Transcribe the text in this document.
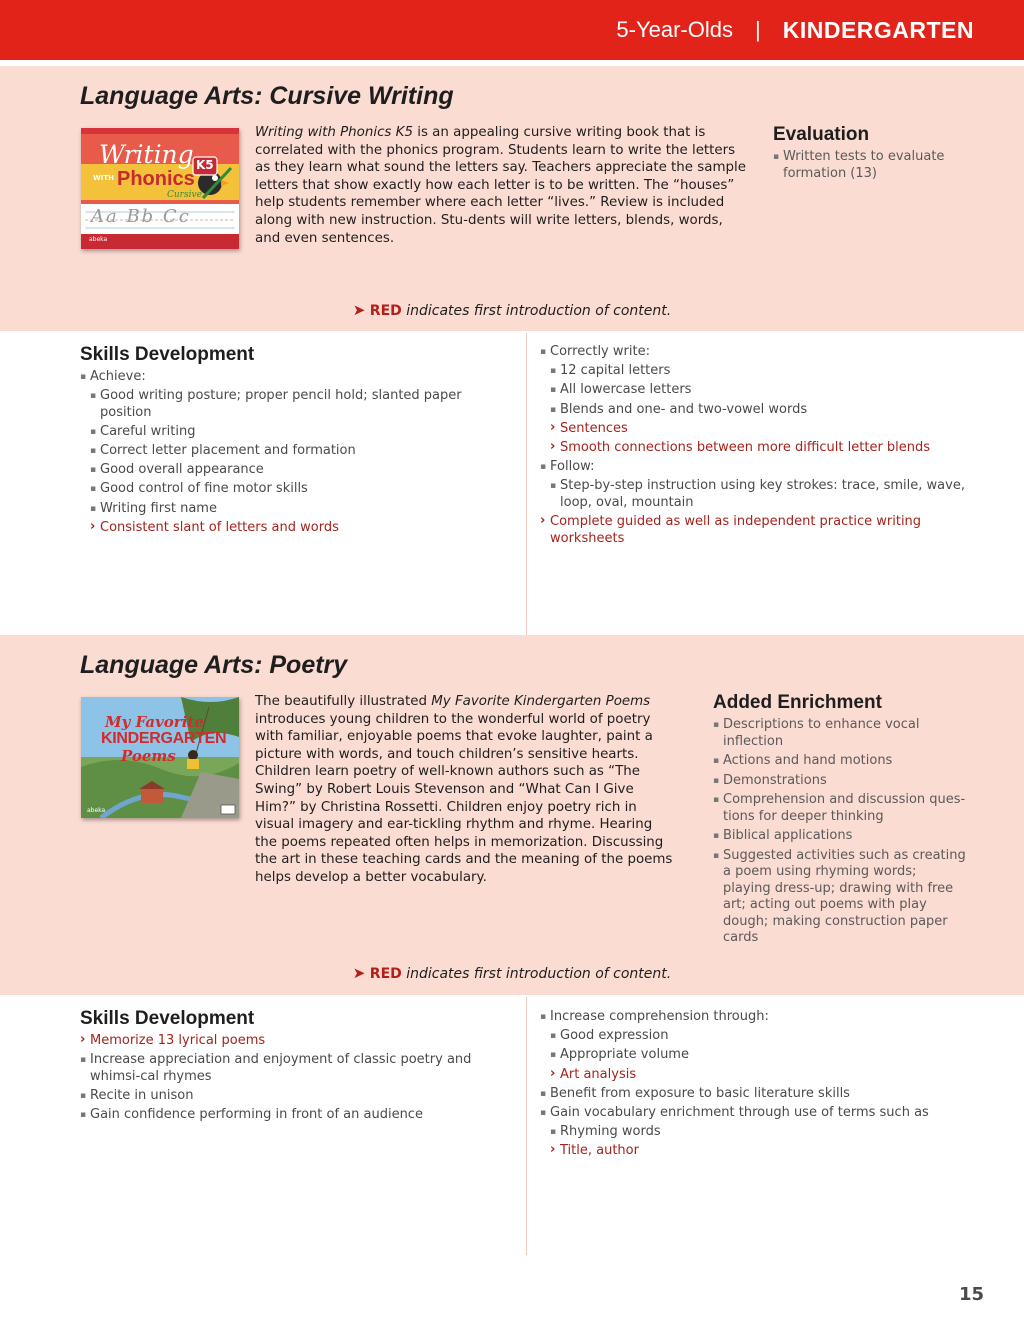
5-Year-Olds | KINDERGARTEN
Language Arts: Cursive Writing
Writing
WITH Phonics
Cursive
K5
Aa Bb Cc
abeka
Writing with Phonics K5 is an appealing cursive writing book that is correlated with the phonics program. Students learn to write the letters as they learn what sound the letters say. Teachers appreciate the sample letters that show exactly how each letter is to be written. The “houses” help students remember where each letter “lives.” Review is included along with new instruction. Stu-dents will write letters, blends, words, and even sentences.
Evaluation
▪ Written tests to evaluate formation (13)
➤ RED indicates first introduction of content.
Skills Development
▪ Achieve:
▪ Good writing posture; proper pencil hold; slanted paper position
▪ Careful writing
▪ Correct letter placement and formation
▪ Good overall appearance
▪ Good control of fine motor skills
▪ Writing first name
› Consistent slant of letters and words
▪ Correctly write:
▪ 12 capital letters
▪ All lowercase letters
▪ Blends and one- and two-vowel words
› Sentences
› Smooth connections between more difficult letter blends
▪ Follow:
▪ Step-by-step instruction using key strokes: trace, smile, wave, loop, oval, mountain
› Complete guided as well as independent practice writing worksheets
Language Arts: Poetry
My Favorite
KINDERGARTEN
Poems
abeka
The beautifully illustrated My Favorite Kindergarten Poems introduces young children to the wonderful world of poetry with familiar, enjoyable poems that evoke laughter, paint a picture with words, and touch children’s sensitive hearts. Children learn poetry of well-known authors such as “The Swing” by Robert Louis Stevenson and “What Can I Give Him?” by Christina Rossetti. Children enjoy poetry rich in visual imagery and ear-tickling rhythm and rhyme. Hearing the poems repeated often helps in memorization. Discussing the art in these teaching cards and the meaning of the poems helps develop a better vocabulary.
Added Enrichment
▪ Descriptions to enhance vocal inflection
▪ Actions and hand motions
▪ Demonstrations
▪ Comprehension and discussion ques-tions for deeper thinking
▪ Biblical applications
▪ Suggested activities such as creating a poem using rhyming words; playing dress-up; drawing with free art; acting out poems with play dough; making construction paper cards
➤ RED indicates first introduction of content.
Skills Development
› Memorize 13 lyrical poems
▪ Increase appreciation and enjoyment of classic poetry and whimsi-cal rhymes
▪ Recite in unison
▪ Gain confidence performing in front of an audience
▪ Increase comprehension through:
▪ Good expression
▪ Appropriate volume
› Art analysis
▪ Benefit from exposure to basic literature skills
▪ Gain vocabulary enrichment through use of terms such as
▪ Rhyming words
› Title, author
15
